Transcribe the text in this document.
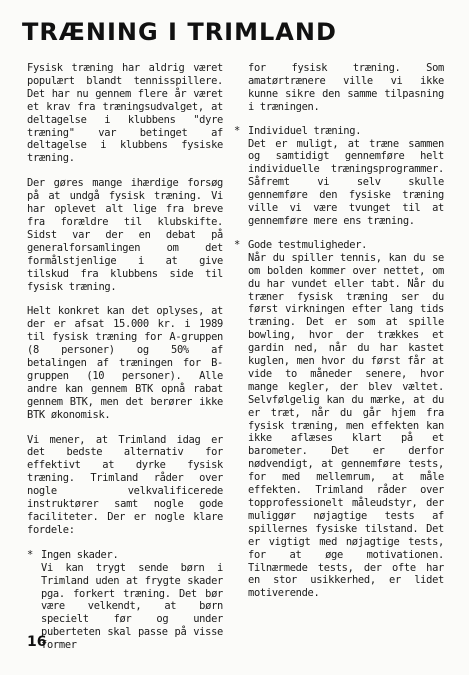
TRÆNING I TRIMLAND

Fysisk træning har aldrig været populært blandt tennisspillere. Det har nu gennem flere år været et krav fra træningsudvalget, at deltagelse i klubbens "dyre træning" var betinget af deltagelse i klubbens fysiske træning.

Der gøres mange ihærdige forsøg på at undgå fysisk træning. Vi har oplevet alt lige fra breve fra forældre til klubskifte. Sidst var der en debat på generalforsamlingen om det formålstjenlige i at give tilskud fra klubbens side til fysisk træning.

Helt konkret kan det oplyses, at der er afsat 15.000 kr. i 1989 til fysisk træning for A-gruppen (8 personer) og 50% af betalingen af træningen for B-gruppen (10 personer). Alle andre kan gennem BTK opnå rabat gennem BTK, men det berører ikke BTK økonomisk.

Vi mener, at Trimland idag er det bedste alternativ for effektivt at dyrke fysisk træning. Trimland råder over nogle velkvalificerede instruktører samt nogle gode faciliteter. Der er nogle klare fordele:

* Ingen skader.
Vi kan trygt sende børn i Trimland uden at frygte skader pga. forkert træning. Det bør være velkendt, at børn specielt før og under puberteten skal passe på visse former

for fysisk træning. Som amatørtrænere ville vi ikke kunne sikre den samme tilpasning i træningen.

* Individuel træning.
Det er muligt, at træne sammen og samtidigt gennemføre helt individuelle træningsprogrammer. Såfremt vi selv skulle gennemføre den fysiske træning ville vi være tvunget til at gennemføre mere ens træning.
* Gode testmuligheder.
Når du spiller tennis, kan du se om bolden kommer over nettet, om du har vundet eller tabt. Når du træner fysisk træning ser du først virkningen efter lang tids træning. Det er som at spille bowling, hvor der trækkes et gardin ned, når du har kastet kuglen, men hvor du først får at vide to måneder senere, hvor mange kegler, der blev væltet. Selvfølgelig kan du mærke, at du er træt, når du går hjem fra fysisk træning, men effekten kan ikke aflæses klart på et barometer. Det er derfor nødvendigt, at gennemføre tests, for med mellemrum, at måle effekten. Trimland råder over topprofessionelt måleudstyr, der muliggør nøjagtige tests af spillernes fysiske tilstand. Det er vigtigt med nøjagtige tests, for at øge motivationen. Tilnærmede tests, der ofte har en stor usikkerhed, er lidet motiverende.
16
